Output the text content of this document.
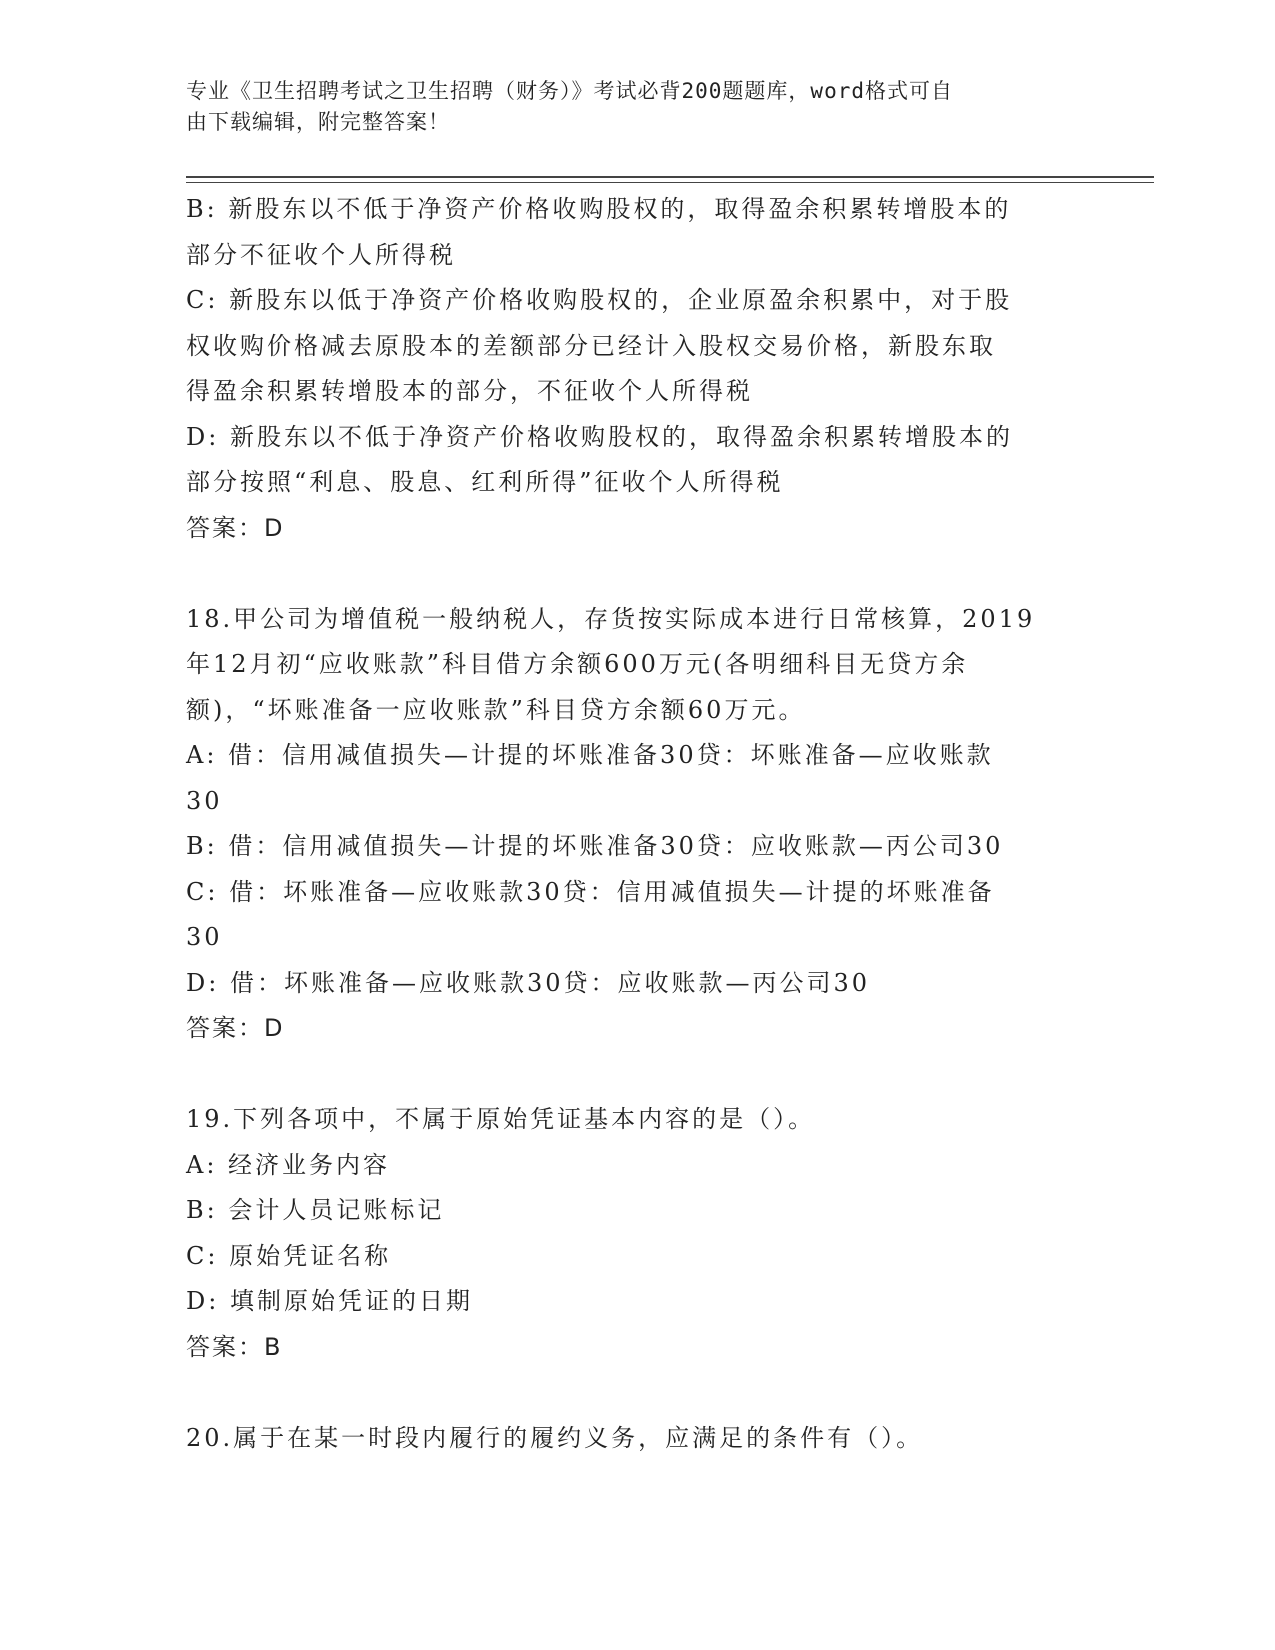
专业《卫生招聘考试之卫生招聘（财务）》考试必背200题题库，word格式可自
由下载编辑，附完整答案！
B: 新股东以不低于净资产价格收购股权的，取得盈余积累转增股本的
部分不征收个人所得税
C: 新股东以低于净资产价格收购股权的，企业原盈余积累中，对于股
权收购价格减去原股本的差额部分已经计入股权交易价格，新股东取
得盈余积累转增股本的部分，不征收个人所得税
D: 新股东以不低于净资产价格收购股权的，取得盈余积累转增股本的
部分按照“利息、股息、红利所得”征收个人所得税
答案：D
18.甲公司为增值税一般纳税人，存货按实际成本进行日常核算，2019
年12月初“应收账款”科目借方余额600万元(各明细科目无贷方余
额)，“坏账准备一应收账款”科目贷方余额60万元。
A: 借：信用减值损失—计提的坏账准备30贷：坏账准备—应收账款
30
B: 借：信用减值损失—计提的坏账准备30贷：应收账款—丙公司30
C: 借：坏账准备—应收账款30贷：信用减值损失—计提的坏账准备
30
D: 借：坏账准备—应收账款30贷：应收账款—丙公司30
答案：D
19.下列各项中，不属于原始凭证基本内容的是（）。
A: 经济业务内容
B: 会计人员记账标记
C: 原始凭证名称
D: 填制原始凭证的日期
答案：B
20.属于在某一时段内履行的履约义务，应满足的条件有（）。
